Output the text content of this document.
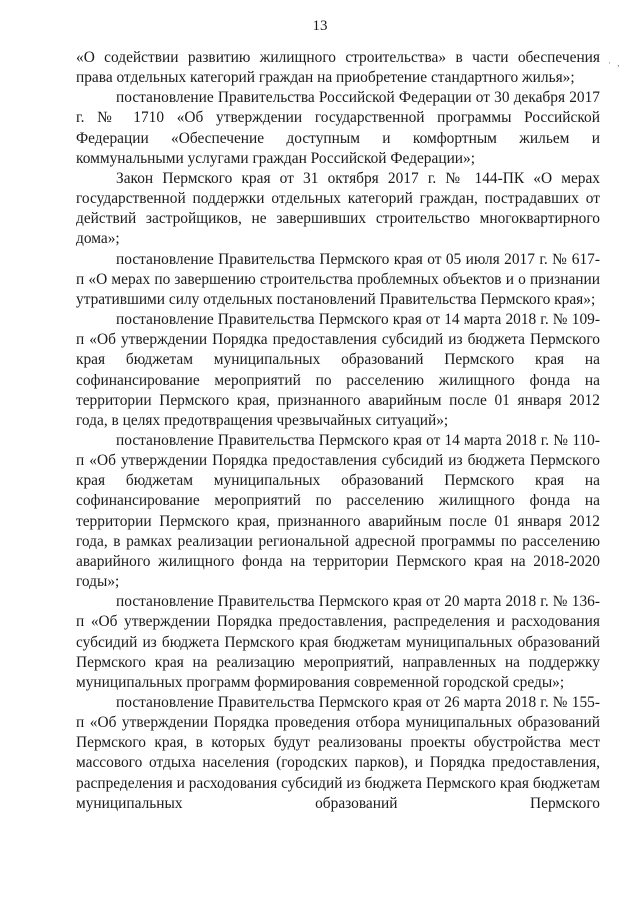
13
· ,

«О содействии развитию жилищного строительства» в части обеспечения права отдельных категорий граждан на приобретение стандартного жилья»;

постановление Правительства Российской Федерации от 30 декабря 2017 г. № 1710 «Об утверждении государственной программы Российской Федерации «Обеспечение доступным и комфортным жильем и коммунальными услугами граждан Российской Федерации»;

Закон Пермского края от 31 октября 2017 г. № 144-ПК «О мерах государственной поддержки отдельных категорий граждан, пострадавших от действий застройщиков, не завершивших строительство многоквартирного дома»;

постановление Правительства Пермского края от 05 июля 2017 г. № 617-п «О мерах по завершению строительства проблемных объектов и о признании утратившими силу отдельных постановлений Правительства Пермского края»;

постановление Правительства Пермского края от 14 марта 2018 г. № 109-п «Об утверждении Порядка предоставления субсидий из бюджета Пермского края бюджетам муниципальных образований Пермского края на софинансирование мероприятий по расселению жилищного фонда на территории Пермского края, признанного аварийным после 01 января 2012 года, в целях предотвращения чрезвычайных ситуаций»;

постановление Правительства Пермского края от 14 марта 2018 г. № 110-п «Об утверждении Порядка предоставления субсидий из бюджета Пермского края бюджетам муниципальных образований Пермского края на софинансирование мероприятий по расселению жилищного фонда на территории Пермского края, признанного аварийным после 01 января 2012 года, в рамках реализации региональной адресной программы по расселению аварийного жилищного фонда на территории Пермского края на 2018-2020 годы»;

постановление Правительства Пермского края от 20 марта 2018 г. № 136-п «Об утверждении Порядка предоставления, распределения и расходования субсидий из бюджета Пермского края бюджетам муниципальных образований Пермского края на реализацию мероприятий, направленных на поддержку муниципальных программ формирования современной городской среды»;

постановление Правительства Пермского края от 26 марта 2018 г. № 155-п «Об утверждении Порядка проведения отбора муниципальных образований Пермского края, в которых будут реализованы проекты обустройства мест массового отдыха населения (городских парков), и Порядка предоставления, распределения и расходования субсидий из бюджета Пермского края бюджетам муниципальных образований Пермского
